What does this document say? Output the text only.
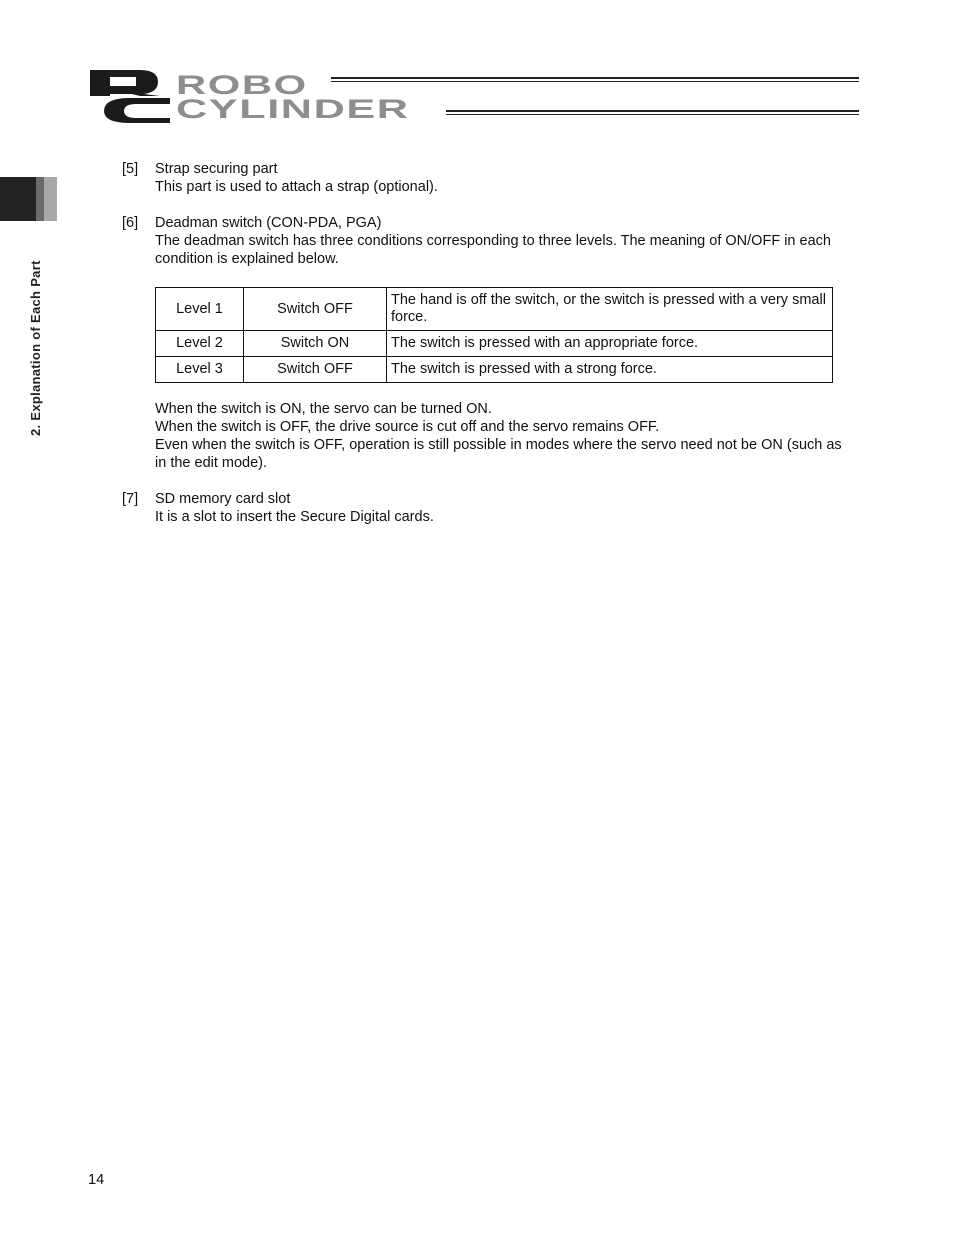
ROBO
CYLINDER
2. Explanation of Each Part
[5] Strap securing part

This part is used to attach a strap (optional).

[6] Deadman switch (CON-PDA, PGA)

The deadman switch has three conditions corresponding to three levels. The meaning of ON/OFF in each condition is explained below.

Level 1	Switch OFF	The hand is off the switch, or the switch is pressed with a very small force.
Level 2	Switch ON	The switch is pressed with an appropriate force.
Level 3	Switch OFF	The switch is pressed with a strong force.

When the switch is ON, the servo can be turned ON.

When the switch is OFF, the drive source is cut off and the servo remains OFF.

Even when the switch is OFF, operation is still possible in modes where the servo need not be ON (such as in the edit mode).

[7] SD memory card slot

It is a slot to insert the Secure Digital cards.

14
